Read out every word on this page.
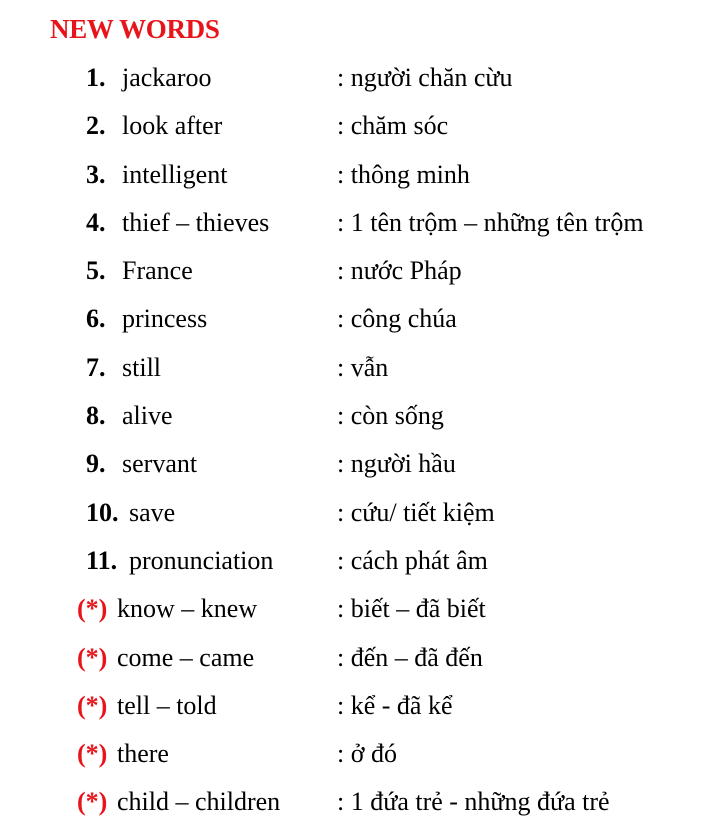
NEW WORDS
1. jackaroo	: người chăn cừu
2. look after	: chăm sóc
3. intelligent	: thông minh
4. thief – thieves	: 1 tên trộm – những tên trộm
5. France	: nước Pháp
6. princess	: công chúa
7. still	: vẫn
8. alive	: còn sống
9. servant	: người hầu
10. save	: cứu/ tiết kiệm
11. pronunciation : cách phát âm
(*) know – knew	: biết – đã biết
(*) come – came	: đến – đã đến
(*) tell – told	: kể - đã kể
(*) there	: ở đó
(*) child – children : 1 đứa trẻ - những đứa trẻ
